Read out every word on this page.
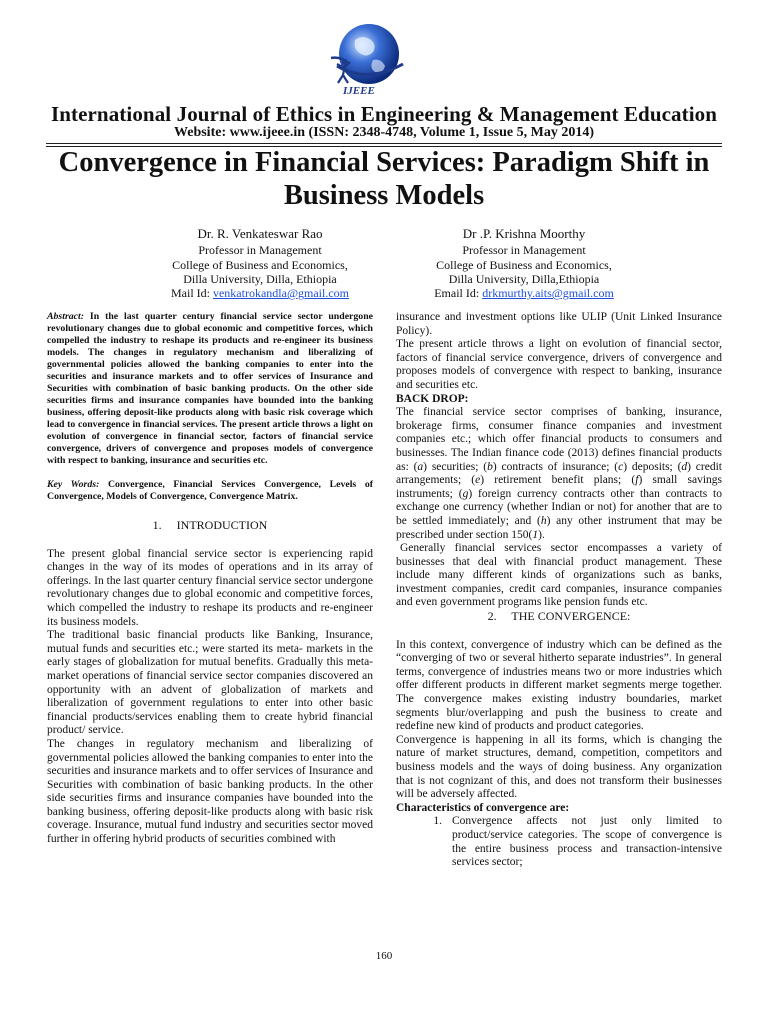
IJEEE
International Journal of Ethics in Engineering & Management Education
Website: www.ijeee.in (ISSN: 2348-4748, Volume 1, Issue 5, May 2014)
Convergence in Financial Services: Paradigm Shift in Business Models
Dr. R. Venkateswar Rao
Professor in Management
College of Business and Economics,
Dilla University, Dilla, Ethiopia
Mail Id: venkatrokandla@gmail.com
Dr .P. Krishna Moorthy
Professor in Management
College of Business and Economics,
Dilla University, Dilla,Ethiopia
Email Id: drkmurthy.aits@gmail.com

Abstract: In the last quarter century financial service sector undergone revolutionary changes due to global economic and competitive forces, which compelled the industry to reshape its products and re-engineer its business models. The changes in regulatory mechanism and liberalizing of governmental policies allowed the banking companies to enter into the securities and insurance markets and to offer services of Insurance and Securities with combination of basic banking products. On the other side securities firms and insurance companies have bounded into the banking business, offering deposit-like products along with basic risk coverage which lead to convergence in financial services. The present article throws a light on evolution of convergence in financial sector, factors of financial service convergence, drivers of convergence and proposes models of convergence with respect to banking, insurance and securities etc.

Key Words: Convergence, Financial Services Convergence, Levels of Convergence, Models of Convergence, Convergence Matrix.

1.     INTRODUCTION

The present global financial service sector is experiencing rapid changes in the way of its modes of operations and in its array of offerings. In the last quarter century financial service sector undergone revolutionary changes due to global economic and competitive forces, which compelled the industry to reshape its products and re-engineer its business models.

The traditional basic financial products like Banking, Insurance, mutual funds and securities etc.; were started its meta- markets in the early stages of globalization for mutual benefits. Gradually this meta- market operations of financial service sector companies discovered an opportunity with an advent of globalization of markets and liberalization of government regulations to enter into other basic financial products/services enabling them to create hybrid financial product/ service.

The changes in regulatory mechanism and liberalizing of governmental policies allowed the banking companies to enter into the securities and insurance markets and to offer services of Insurance and Securities with combination of basic banking products. In the other side securities firms and insurance companies have bounded into the banking business, offering deposit-like products along with basic risk coverage. Insurance, mutual fund industry and securities sector moved further in offering hybrid products of securities combined with

insurance and investment options like ULIP (Unit Linked Insurance Policy).

The present article throws a light on evolution of financial sector, factors of financial service convergence, drivers of convergence and proposes models of convergence with respect to banking, insurance and securities etc.

BACK DROP:

The financial service sector comprises of banking, insurance, brokerage firms, consumer finance companies and investment companies etc.; which offer financial products to consumers and businesses. The Indian finance code (2013) defines financial products as: (a) securities; (b) contracts of insurance; (c) deposits; (d) credit arrangements; (e) retirement benefit plans; (f) small savings instruments; (g) foreign currency contracts other than contracts to exchange one currency (whether Indian or not) for another that are to be settled immediately; and (h) any other instrument that may be prescribed under section 150(1).

Generally financial services sector encompasses a variety of businesses that deal with financial product management. These include many different kinds of organizations such as banks, investment companies, credit card companies, insurance companies and even government programs like pension funds etc.

2.     THE CONVERGENCE:

In this context, convergence of industry which can be defined as the “converging of two or several hitherto separate industries”. In general terms, convergence of industries means two or more industries which offer different products in different market segments merge together. The convergence makes existing industry boundaries, market segments blur/overlapping and push the business to create and redefine new kind of products and product categories.

Convergence is happening in all its forms, which is changing the nature of market structures, demand, competition, competitors and business models and the ways of doing business. Any organization that is not cognizant of this, and does not transform their businesses will be adversely affected.

Characteristics of convergence are:

1. Convergence affects not just only limited to product/service categories. The scope of convergence is the entire business process and transaction-intensive services sector;
160
